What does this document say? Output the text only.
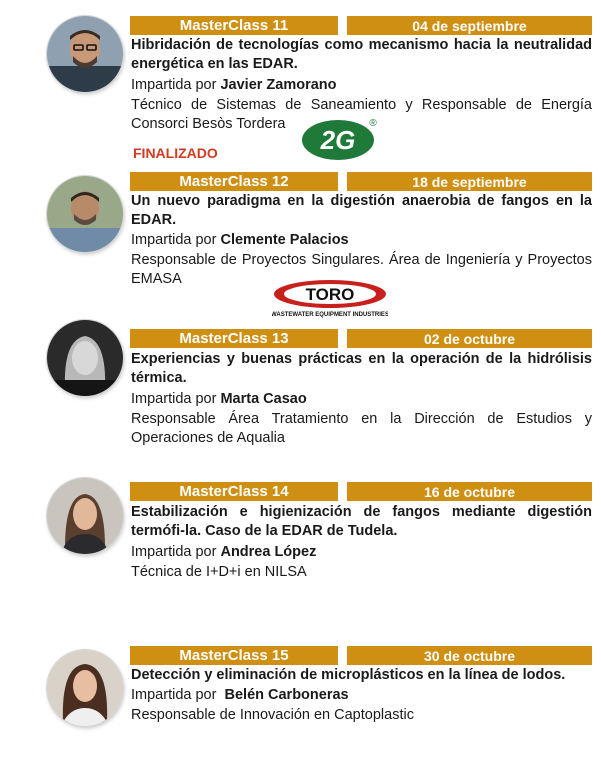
MasterClass 11	04 de septiembre
Hibridación de tecnologías como mecanismo hacia la neutralidad energética en las EDAR.
Impartida por Javier Zamorano
Técnico de Sistemas de Saneamiento y Responsable de Energía Consorci Besòs Tordera
FINALIZADO	2G
®
MasterClass 12	18 de septiembre
Un nuevo paradigma en la digestión anaerobia de fangos en la EDAR.
Impartida por Clemente Palacios
Responsable de Proyectos Singulares. Área de Ingeniería y Proyectos EMASA
TORO
WASTEWATER EQUIPMENT INDUSTRIES
MasterClass 13	02 de octubre
Experiencias y buenas prácticas en la operación de la hidrólisis térmica.
Impartida por Marta Casao
Responsable Área Tratamiento en la Dirección de Estudios y Operaciones de Aqualia
MasterClass 14	16 de octubre
Estabilización e higienización de fangos mediante digestión termófi-la. Caso de la EDAR de Tudela.
Impartida por Andrea López
Técnica de I+D+i en NILSA
MasterClass 15	30 de octubre
Detección y eliminación de microplásticos en la línea de lodos.
Impartida por Belén Carboneras
Responsable de Innovación en Captoplastic
